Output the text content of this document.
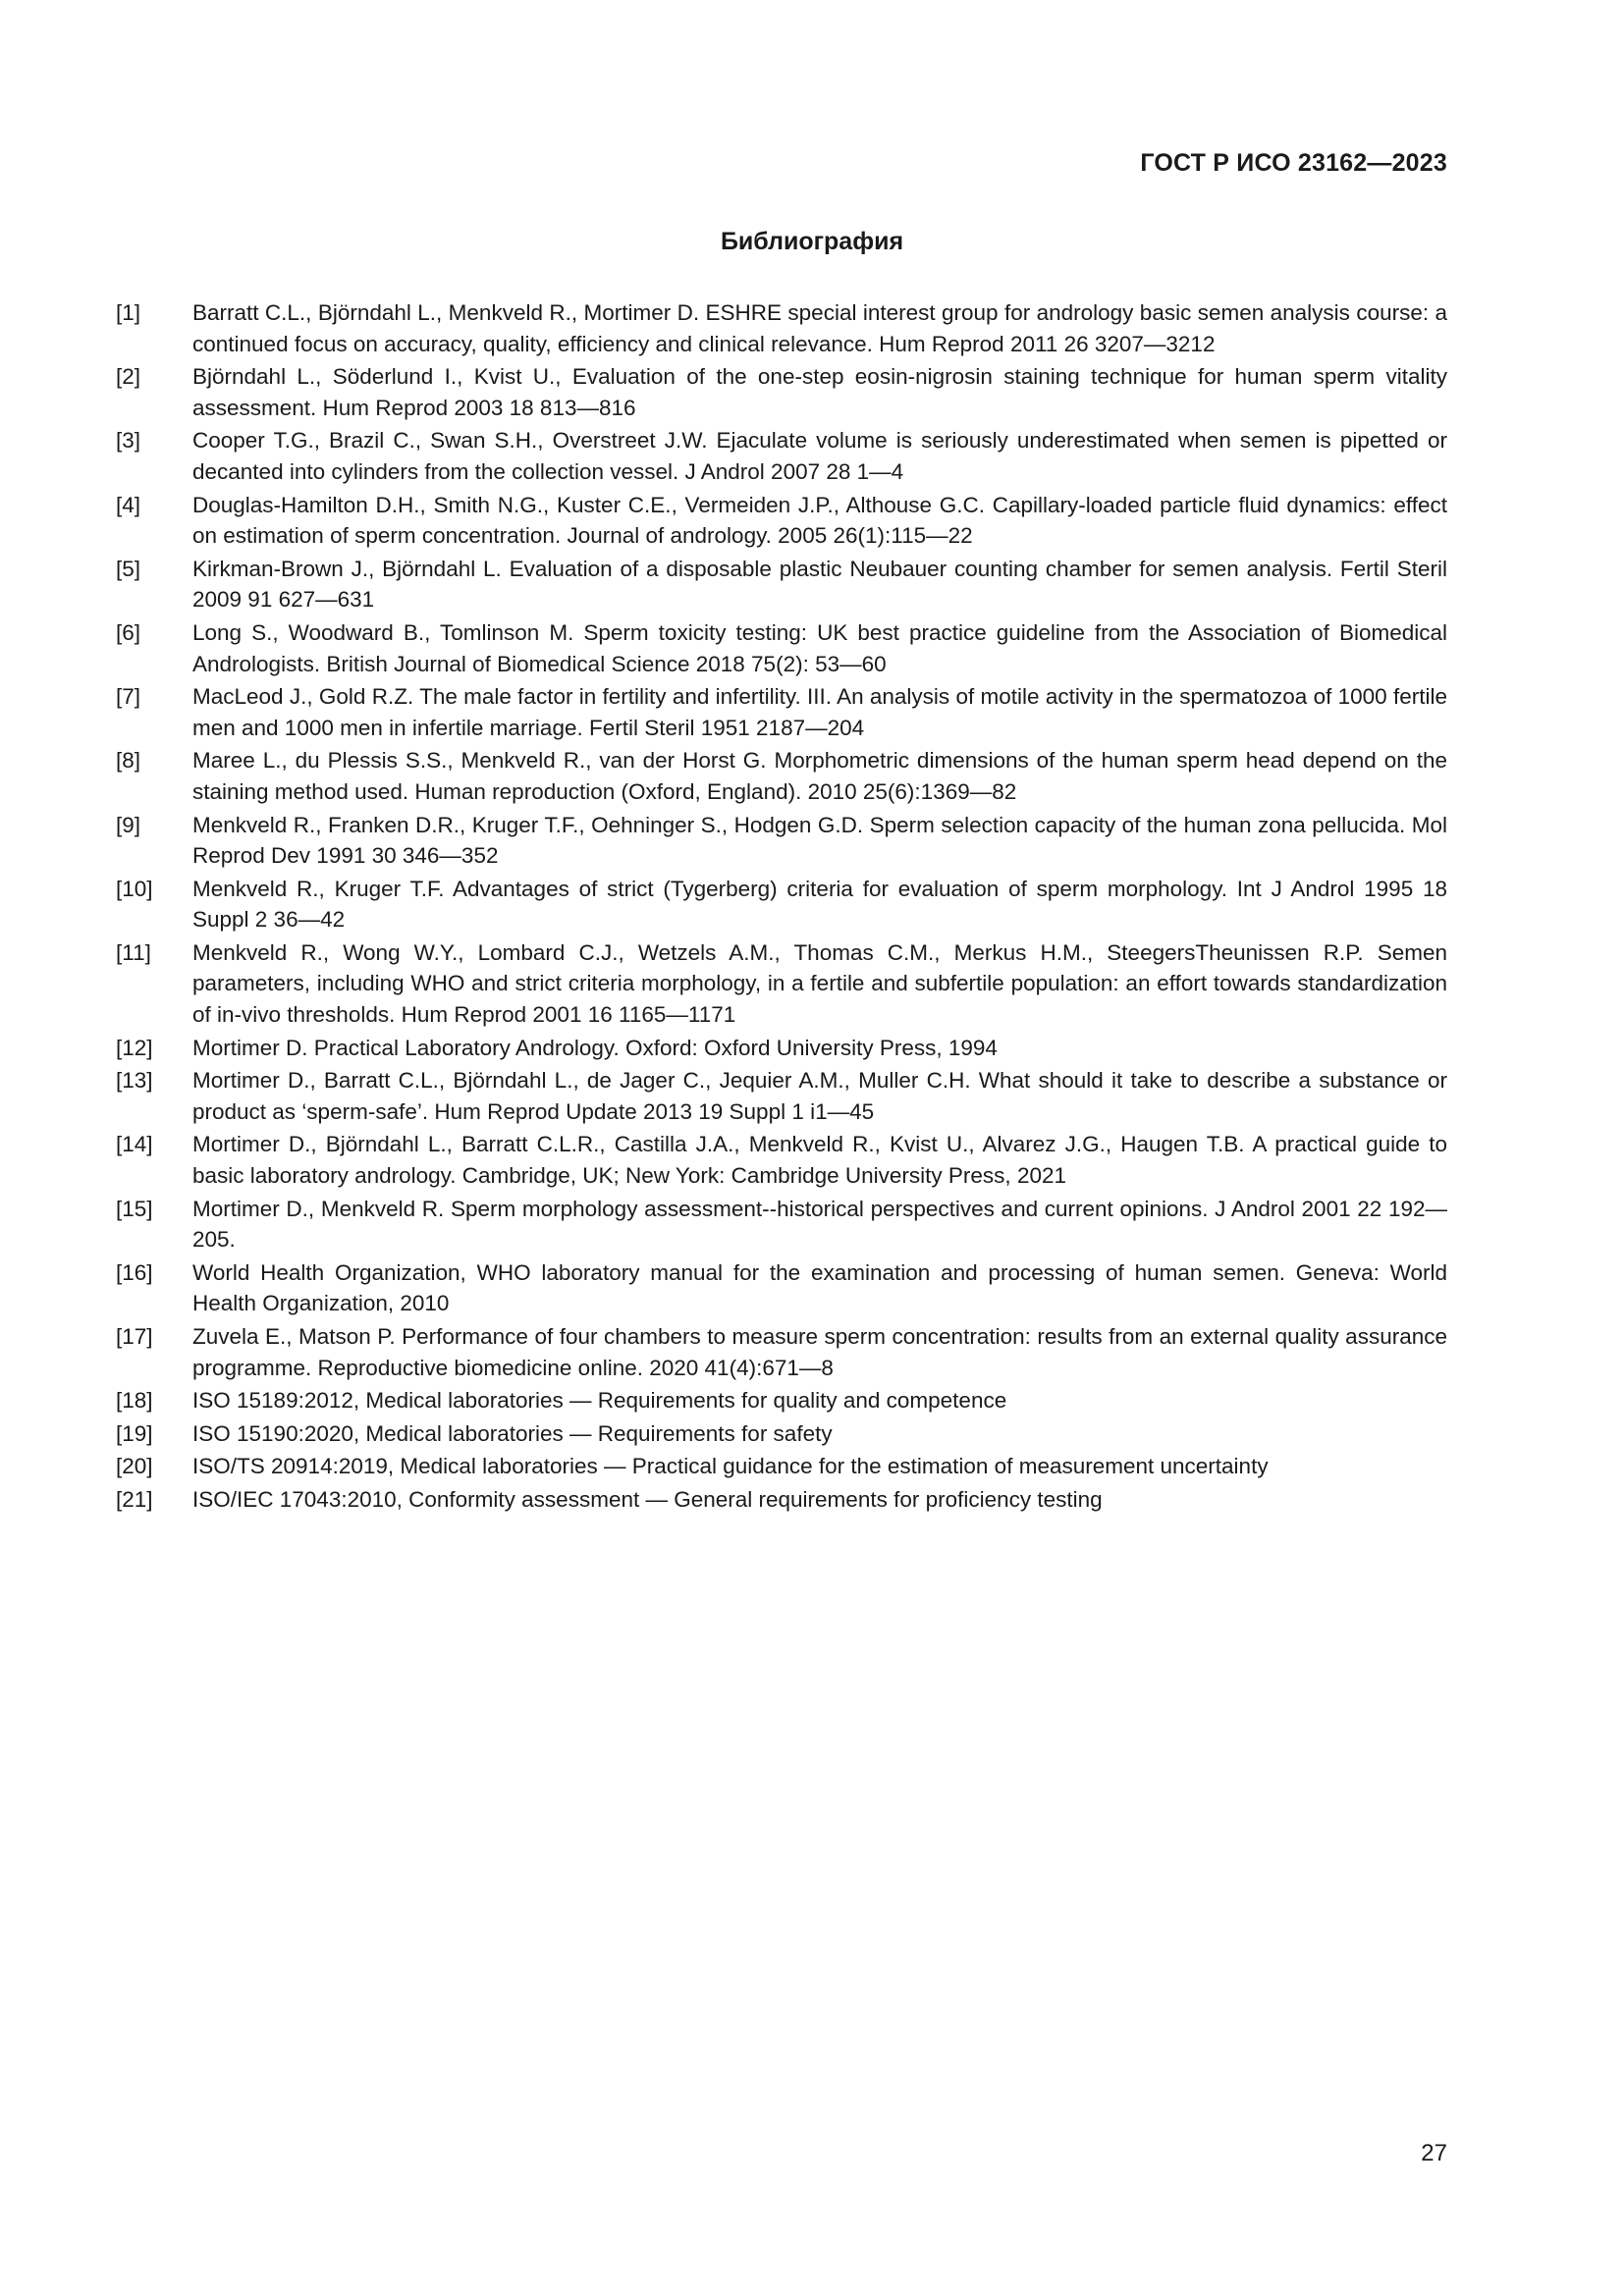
ГОСТ Р ИСО 23162—2023
Библиография
[1]	Barratt C.L., Björndahl L., Menkveld R., Mortimer D. ESHRE special interest group for andrology basic semen analysis course: a continued focus on accuracy, quality, efficiency and clinical relevance. Hum Reprod 2011 26 3207—3212
[2]	Björndahl L., Söderlund I., Kvist U., Evaluation of the one-step eosin-nigrosin staining technique for human sperm vitality assessment. Hum Reprod 2003 18 813—816
[3]	Cooper T.G., Brazil C., Swan S.H., Overstreet J.W. Ejaculate volume is seriously underestimated when semen is pipetted or decanted into cylinders from the collection vessel. J Androl 2007 28 1—4
[4]	Douglas-Hamilton D.H., Smith N.G., Kuster C.E., Vermeiden J.P., Althouse G.C. Capillary-loaded particle fluid dynamics: effect on estimation of sperm concentration. Journal of andrology. 2005 26(1):115—22
[5]	Kirkman-Brown J., Björndahl L. Evaluation of a disposable plastic Neubauer counting chamber for semen analysis. Fertil Steril 2009 91 627—631
[6]	Long S., Woodward B., Tomlinson M. Sperm toxicity testing: UK best practice guideline from the Association of Biomedical Andrologists. British Journal of Biomedical Science 2018 75(2): 53—60
[7]	MacLeod J., Gold R.Z. The male factor in fertility and infertility. III. An analysis of motile activity in the spermatozoa of 1000 fertile men and 1000 men in infertile marriage. Fertil Steril 1951 2187—204
[8]	Maree L., du Plessis S.S., Menkveld R., van der Horst G. Morphometric dimensions of the human sperm head depend on the staining method used. Human reproduction (Oxford, England). 2010 25(6):1369—82
[9]	Menkveld R., Franken D.R., Kruger T.F., Oehninger S., Hodgen G.D. Sperm selection capacity of the human zona pellucida. Mol Reprod Dev 1991 30 346—352
[10]	Menkveld R., Kruger T.F. Advantages of strict (Tygerberg) criteria for evaluation of sperm morphology. Int J Androl 1995 18 Suppl 2 36—42
[11]	Menkveld R., Wong W.Y., Lombard C.J., Wetzels A.M., Thomas C.M., Merkus H.M., SteegersTheunissen R.P. Semen parameters, including WHO and strict criteria morphology, in a fertile and subfertile population: an effort towards standardization of in-vivo thresholds. Hum Reprod 2001 16 1165—1171
[12]	Mortimer D. Practical Laboratory Andrology. Oxford: Oxford University Press, 1994
[13]	Mortimer D., Barratt C.L., Björndahl L., de Jager C., Jequier A.M., Muller C.H. What should it take to describe a substance or product as ‘sperm-safe’. Hum Reprod Update 2013 19 Suppl 1 i1—45
[14]	Mortimer D., Björndahl L., Barratt C.L.R., Castilla J.A., Menkveld R., Kvist U., Alvarez J.G., Haugen T.B. A practical guide to basic laboratory andrology. Cambridge, UK; New York: Cambridge University Press, 2021
[15]	Mortimer D., Menkveld R. Sperm morphology assessment--historical perspectives and current opinions. J Androl 2001 22 192—205.
[16]	World Health Organization, WHO laboratory manual for the examination and processing of human semen. Geneva: World Health Organization, 2010
[17]	Zuvela E., Matson P. Performance of four chambers to measure sperm concentration: results from an external quality assurance programme. Reproductive biomedicine online. 2020 41(4):671—8
[18]	ISO 15189:2012, Medical laboratories — Requirements for quality and competence
[19]	ISO 15190:2020, Medical laboratories — Requirements for safety
[20]	ISO/TS 20914:2019, Medical laboratories — Practical guidance for the estimation of measurement uncertainty
[21]	ISO/IEC 17043:2010, Conformity assessment — General requirements for proficiency testing
27
